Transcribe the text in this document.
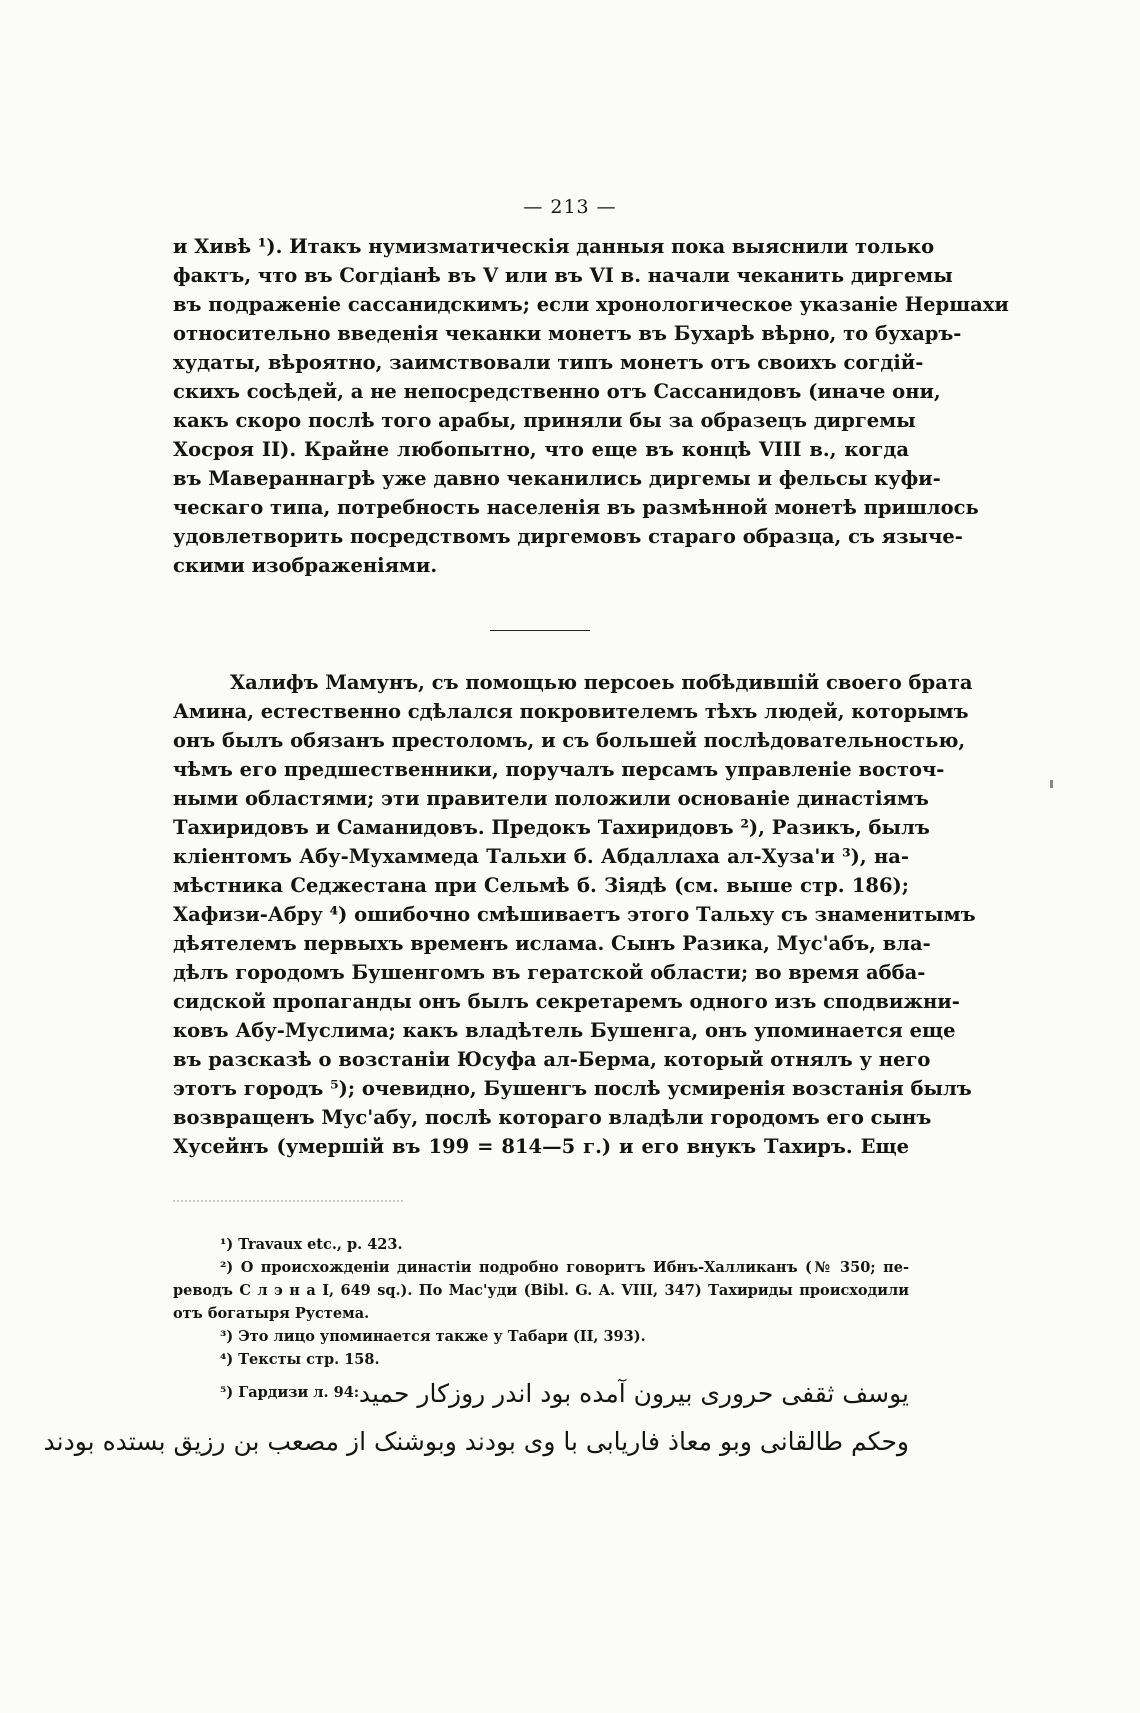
— 213 —
и Хивѣ ¹). Итакъ нумизматическія данныя пока выяснили только
фактъ, что въ Согдіанѣ въ V или въ VI в. начали чеканить диргемы
въ подраженіе сассанидскимъ; если хронологическое указаніе Нершахи
относительно введенія чеканки монетъ въ Бухарѣ вѣрно, то бухаръ-
худаты, вѣроятно, заимствовали типъ монетъ отъ своихъ согдій-
скихъ сосѣдей, а не непосредственно отъ Сассанидовъ (иначе они,
какъ скоро послѣ того арабы, приняли бы за образецъ диргемы
Хосроя II). Крайне любопытно, что еще въ концѣ VIII в., когда
въ Мавераннагрѣ уже давно чеканились диргемы и фельсы куфи-
ческаго типа, потребность населенія въ размѣнной монетѣ пришлось
удовлетворить посредствомъ диргемовъ стараго образца, съ языче-
скими изображеніями.
Халифъ Мамунъ, съ помощью персоеь побѣдившій своего брата
Амина, естественно сдѣлался покровителемъ тѣхъ людей, которымъ
онъ былъ обязанъ престоломъ, и съ большей послѣдовательностью,
чѣмъ его предшественники, поручалъ персамъ управленіе восточ-
ными областями; эти правители положили основаніе династіямъ
Тахиридовъ и Саманидовъ. Предокъ Тахиридовъ ²), Разикъ, былъ
кліентомъ Абу-Мухаммеда Тальхи б. Абдаллаха ал-Хуза'и ³), на-
мѣстника Седжестана при Сельмѣ б. Зіядѣ (см. выше стр. 186);
Хафизи-Абру ⁴) ошибочно смѣшиваетъ этого Тальху съ знаменитымъ
дѣятелемъ первыхъ временъ ислама. Сынъ Разика, Мус'абъ, вла-
дѣлъ городомъ Бушенгомъ въ гератской области; во время абба-
сидской пропаганды онъ былъ секретаремъ одного изъ сподвижни-
ковъ Абу-Муслима; какъ владѣтель Бушенга, онъ упоминается еще
въ разсказѣ о возстаніи Юсуфа ал-Берма, который отнялъ у него
этотъ городъ ⁵); очевидно, Бушенгъ послѣ усмиренія возстанія былъ
возвращенъ Мус'абу, послѣ котораго владѣли городомъ его сынъ
Хусейнъ (умершій въ 199 = 814—5 г.) и его внукъ Тахиръ. Еще
¹) Travaux etc., p. 423.
²) О происхожденіи династіи подробно говоритъ Ибнъ-Халликанъ (№ 350; пе-
реводъ С л э н а I, 649 sq.). По Мас'уди (Bibl. G. A. VIII, 347) Тахириды происходили
отъ богатыря Рустема.
³) Это лицо упоминается также у Табари (II, 393).
⁴) Тексты стр. 158.
⁵) Гардизи л. 94: یوسف ثقفی حروری بیرون آمده بود اندر روزکار حمید
وحکم طالقانی وبو معاذ فاریابی با وی بودند وبوشنک از مصعب بن رزیق بستده بودند
